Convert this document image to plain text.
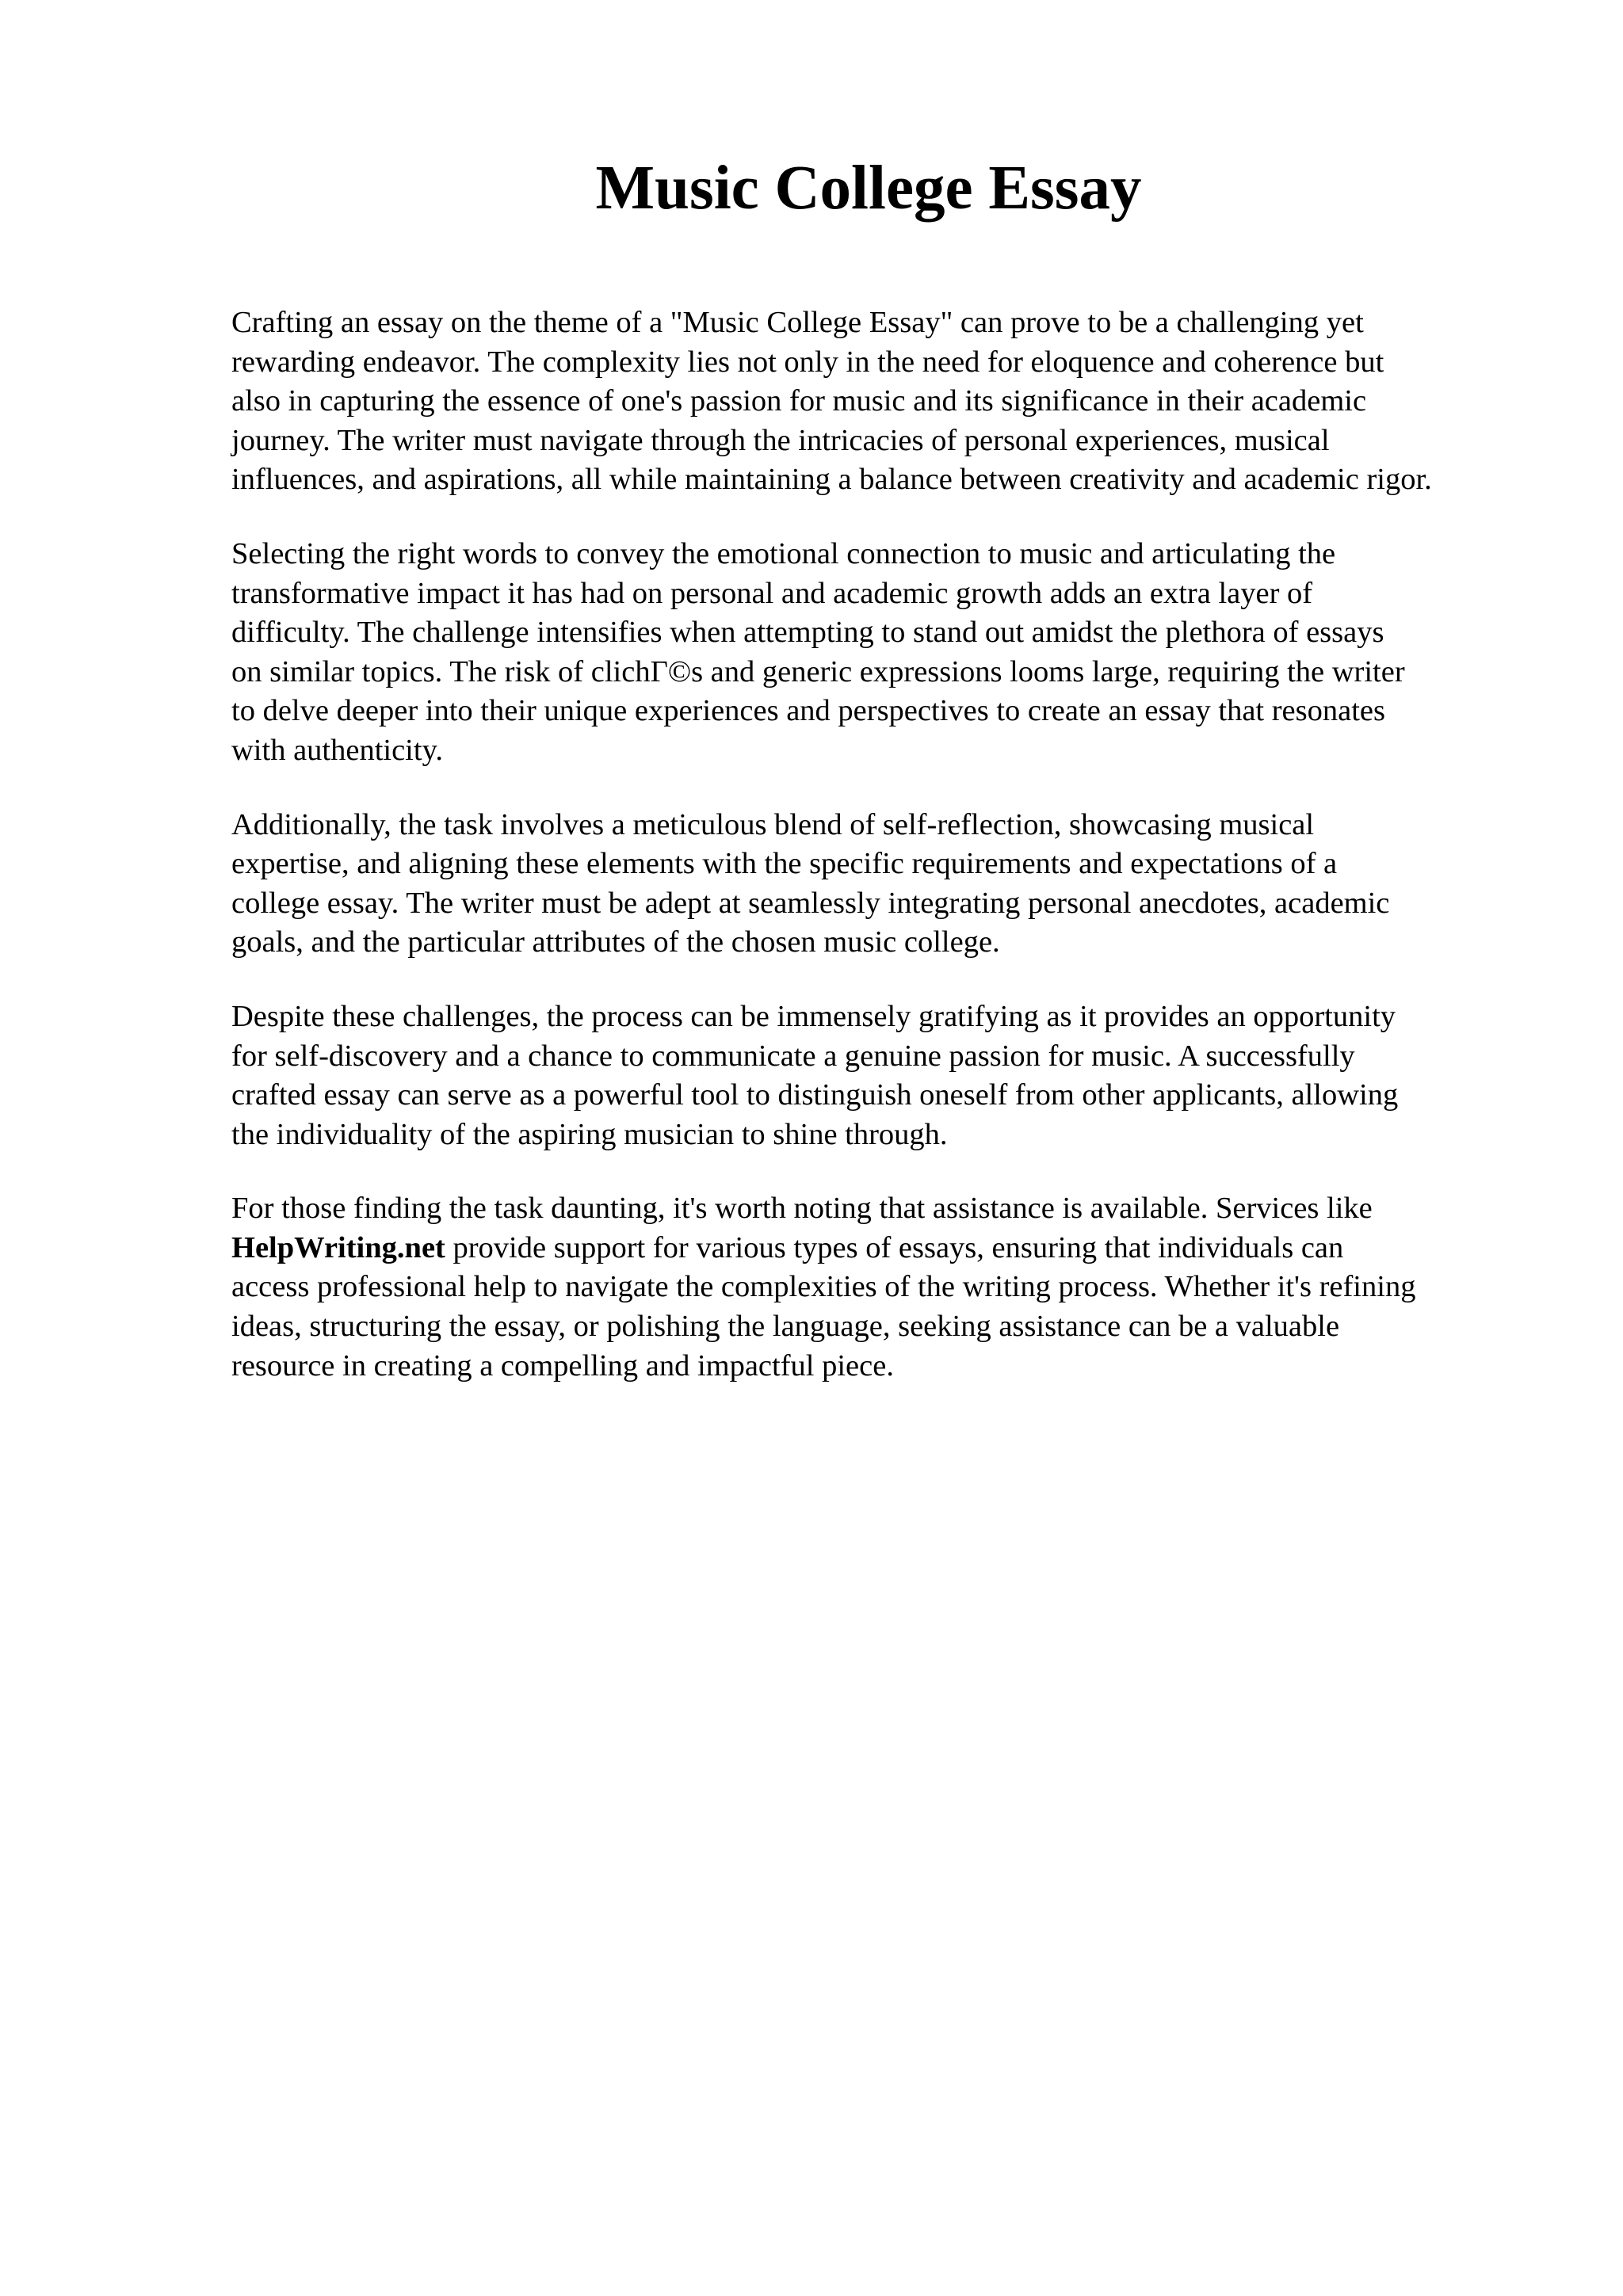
Music College Essay

Crafting an essay on the theme of a "Music College Essay" can prove to be a challenging yet
rewarding endeavor. The complexity lies not only in the need for eloquence and coherence but
also in capturing the essence of one's passion for music and its significance in their academic
journey. The writer must navigate through the intricacies of personal experiences, musical
influences, and aspirations, all while maintaining a balance between creativity and academic rigor.

Selecting the right words to convey the emotional connection to music and articulating the
transformative impact it has had on personal and academic growth adds an extra layer of
difficulty. The challenge intensifies when attempting to stand out amidst the plethora of essays
on similar topics. The risk of clichГ©s and generic expressions looms large, requiring the writer
to delve deeper into their unique experiences and perspectives to create an essay that resonates
with authenticity.

Additionally, the task involves a meticulous blend of self-reflection, showcasing musical
expertise, and aligning these elements with the specific requirements and expectations of a
college essay. The writer must be adept at seamlessly integrating personal anecdotes, academic
goals, and the particular attributes of the chosen music college.

Despite these challenges, the process can be immensely gratifying as it provides an opportunity
for self-discovery and a chance to communicate a genuine passion for music. A successfully
crafted essay can serve as a powerful tool to distinguish oneself from other applicants, allowing
the individuality of the aspiring musician to shine through.

For those finding the task daunting, it's worth noting that assistance is available. Services like
HelpWriting.net provide support for various types of essays, ensuring that individuals can
access professional help to navigate the complexities of the writing process. Whether it's refining
ideas, structuring the essay, or polishing the language, seeking assistance can be a valuable
resource in creating a compelling and impactful piece.
